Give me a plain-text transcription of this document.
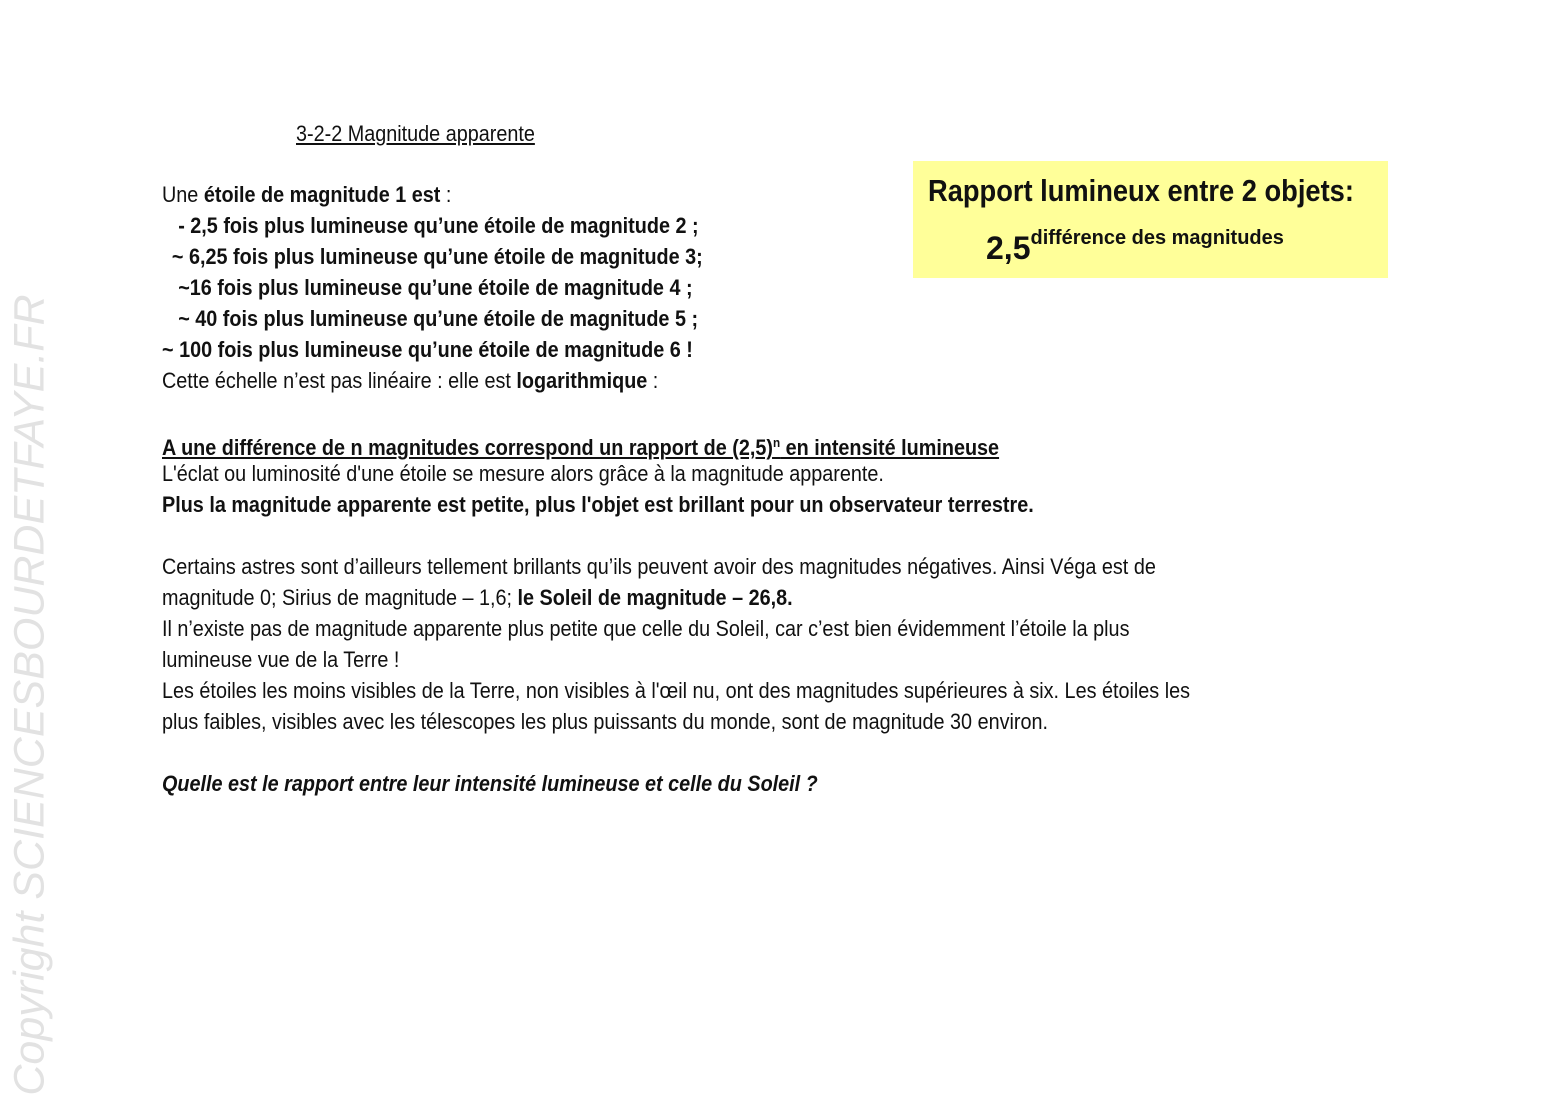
Copyright SCIENCESBOURDETFAYE.FR
3-2-2 Magnitude apparente
Rapport lumineux entre 2 objets:
2,5différence des magnitudes
Une étoile de magnitude 1 est :
- 2,5 fois plus lumineuse qu’une étoile de magnitude 2 ;
~ 6,25 fois plus lumineuse qu’une étoile de magnitude 3;
~16 fois plus lumineuse qu’une étoile de magnitude 4 ;
~ 40 fois plus lumineuse qu’une étoile de magnitude 5 ;
~ 100 fois plus lumineuse qu’une étoile de magnitude 6 !
Cette échelle n’est pas linéaire : elle est logarithmique :
A une différence de n magnitudes correspond un rapport de $(2,5)^n$ en intensité lumineuse
L'éclat ou luminosité d'une étoile se mesure alors grâce à la magnitude apparente.
Plus la magnitude apparente est petite, plus l'objet est brillant pour un observateur terrestre.
Certains astres sont d’ailleurs tellement brillants qu’ils peuvent avoir des magnitudes négatives. Ainsi Véga est de
magnitude 0; Sirius de magnitude – 1,6; le Soleil de magnitude – 26,8.
Il n’existe pas de magnitude apparente plus petite que celle du Soleil, car c’est bien évidemment l’étoile la plus
lumineuse vue de la Terre !
Les étoiles les moins visibles de la Terre, non visibles à l'œil nu, ont des magnitudes supérieures à six. Les étoiles les
plus faibles, visibles avec les télescopes les plus puissants du monde, sont de magnitude 30 environ.
Quelle est le rapport entre leur intensité lumineuse et celle du Soleil ?
